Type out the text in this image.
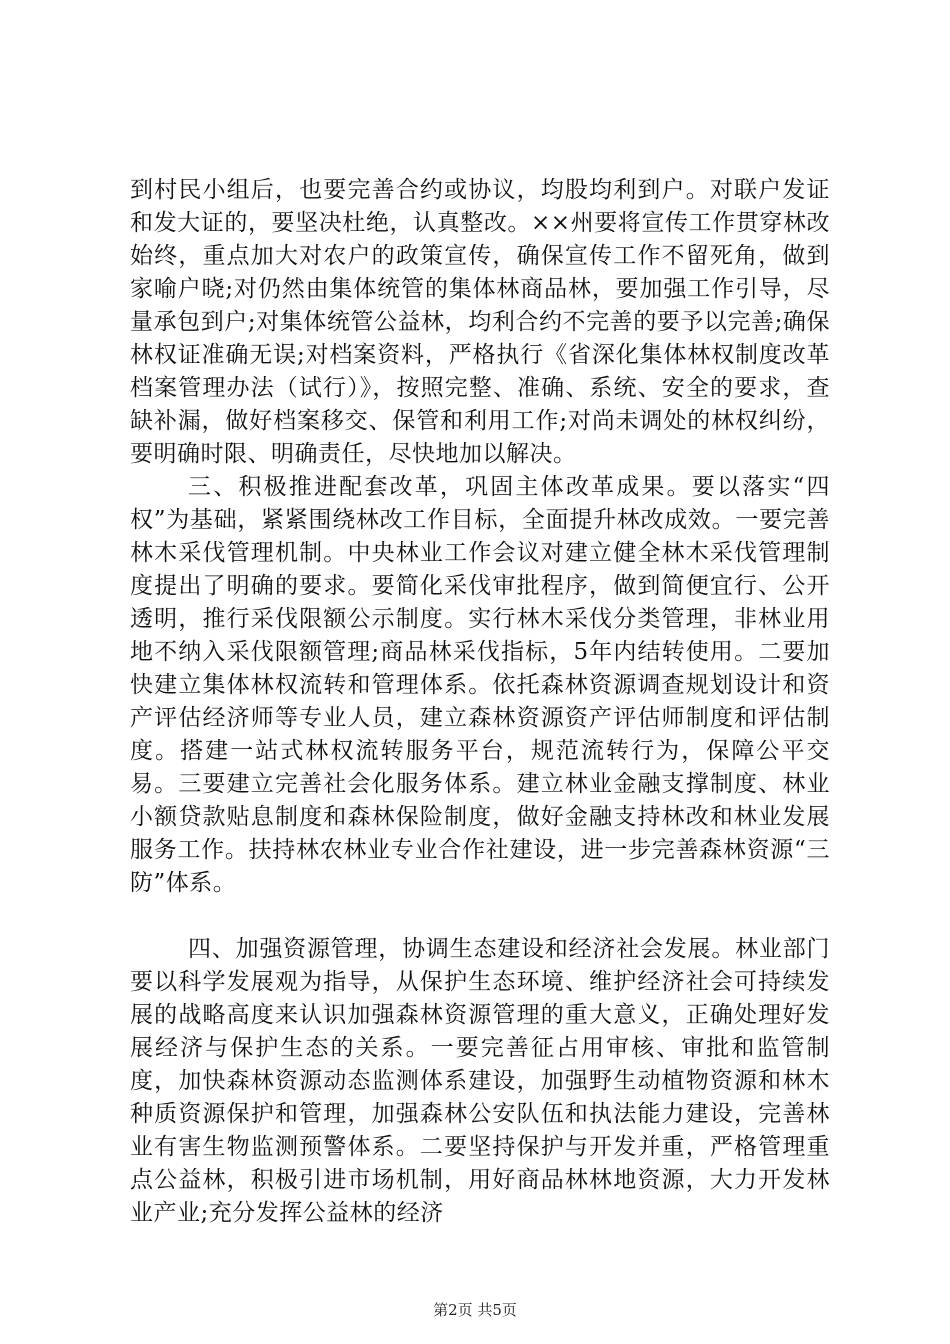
到村民小组后，也要完善合约或协议，均股均利到户。对联户发证和发大证的，要坚决杜绝，认真整改。××州要将宣传工作贯穿林改始终，重点加大对农户的政策宣传，确保宣传工作不留死角，做到家喻户晓;对仍然由集体统管的集体林商品林，要加强工作引导，尽量承包到户;对集体统管公益林，均利合约不完善的要予以完善;确保林权证准确无误;对档案资料，严格执行《省深化集体林权制度改革档案管理办法（试行）》，按照完整、准确、系统、安全的要求，查缺补漏，做好档案移交、保管和利用工作;对尚未调处的林权纠纷，要明确时限、明确责任，尽快地加以解决。

三、积极推进配套改革，巩固主体改革成果。要以落实“四权”为基础，紧紧围绕林改工作目标，全面提升林改成效。一要完善林木采伐管理机制。中央林业工作会议对建立健全林木采伐管理制度提出了明确的要求。要简化采伐审批程序，做到简便宜行、公开透明，推行采伐限额公示制度。实行林木采伐分类管理，非林业用地不纳入采伐限额管理;商品林采伐指标，5年内结转使用。二要加快建立集体林权流转和管理体系。依托森林资源调查规划设计和资产评估经济师等专业人员，建立森林资源资产评估师制度和评估制度。搭建一站式林权流转服务平台，规范流转行为，保障公平交易。三要建立完善社会化服务体系。建立林业金融支撑制度、林业小额贷款贴息制度和森林保险制度，做好金融支持林改和林业发展服务工作。扶持林农林业专业合作社建设，进一步完善森林资源“三防”体系。

四、加强资源管理，协调生态建设和经济社会发展。林业部门要以科学发展观为指导，从保护生态环境、维护经济社会可持续发展的战略高度来认识加强森林资源管理的重大意义，正确处理好发展经济与保护生态的关系。一要完善征占用审核、审批和监管制度，加快森林资源动态监测体系建设，加强野生动植物资源和林木种质资源保护和管理，加强森林公安队伍和执法能力建设，完善林业有害生物监测预警体系。二要坚持保护与开发并重，严格管理重点公益林，积极引进市场机制，用好商品林林地资源，大力开发林业产业;充分发挥公益林的经济

第2页 共5页
